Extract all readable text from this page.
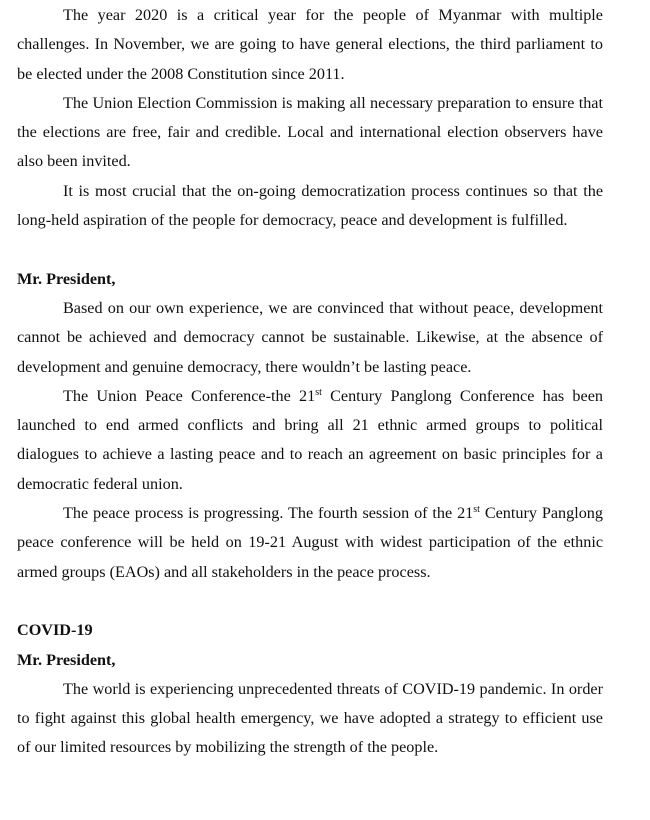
The year 2020 is a critical year for the people of Myanmar with multiple challenges. In November, we are going to have general elections, the third parliament to be elected under the 2008 Constitution since 2011.

The Union Election Commission is making all necessary preparation to ensure that the elections are free, fair and credible. Local and international election observers have also been invited.

It is most crucial that the on-going democratization process continues so that the long-held aspiration of the people for democracy, peace and development is fulfilled.

Mr. President,

Based on our own experience, we are convinced that without peace, development cannot be achieved and democracy cannot be sustainable. Likewise, at the absence of development and genuine democracy, there wouldn’t be lasting peace.

The Union Peace Conference-the 21st Century Panglong Conference has been launched to end armed conflicts and bring all 21 ethnic armed groups to political dialogues to achieve a lasting peace and to reach an agreement on basic principles for a democratic federal union.

The peace process is progressing. The fourth session of the 21st Century Panglong peace conference will be held on 19-21 August with widest participation of the ethnic armed groups (EAOs) and all stakeholders in the peace process.

COVID-19

Mr. President,

The world is experiencing unprecedented threats of COVID-19 pandemic. In order to fight against this global health emergency, we have adopted a strategy to efficient use of our limited resources by mobilizing the strength of the people.
